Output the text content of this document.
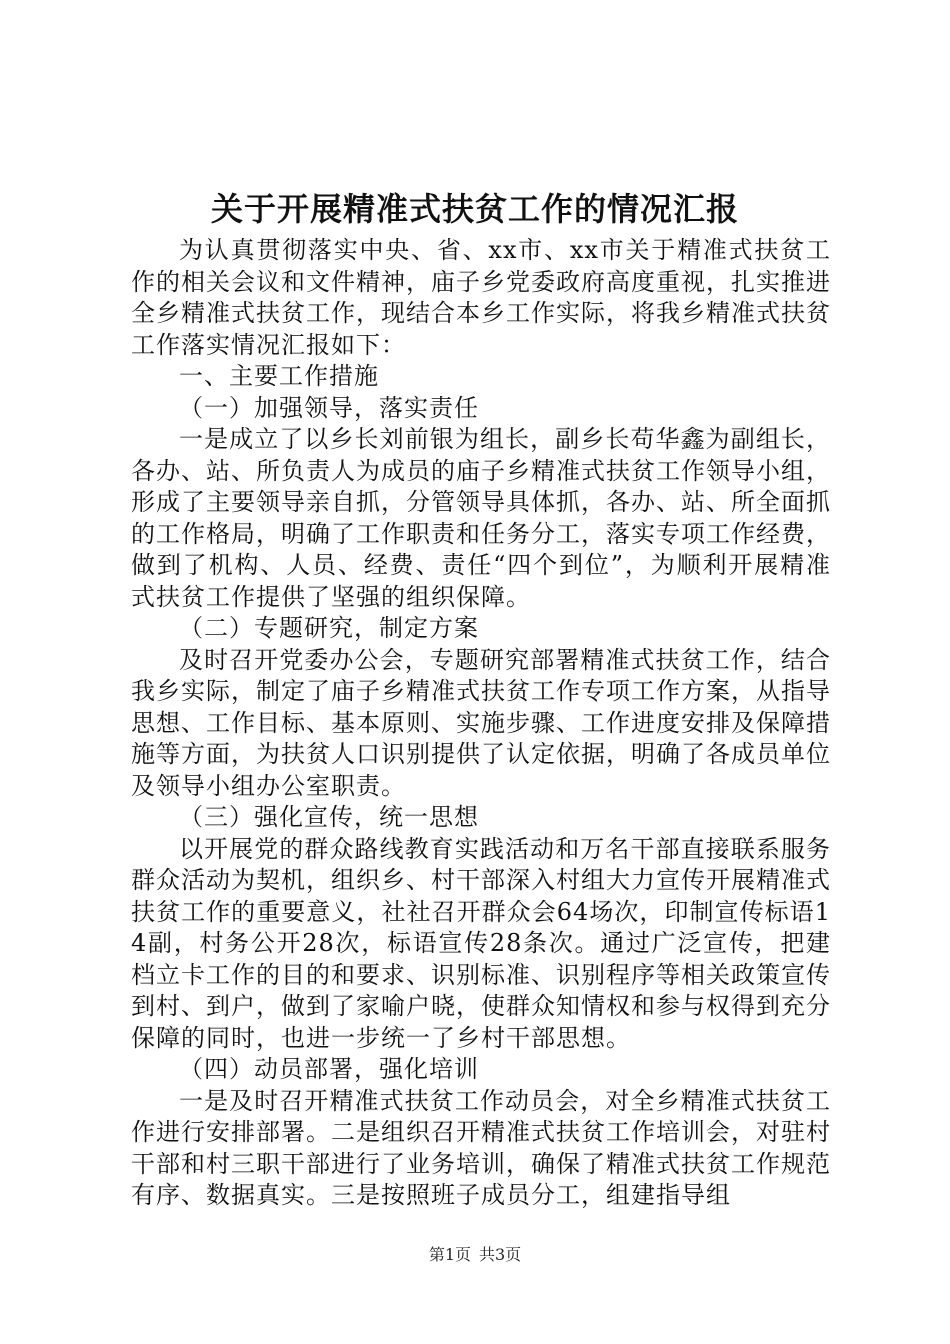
关于开展精准式扶贫工作的情况汇报

为认真贯彻落实中央、省、xx市、xx市关于精准式扶贫工作的相关会议和文件精神，庙子乡党委政府高度重视，扎实推进全乡精准式扶贫工作，现结合本乡工作实际，将我乡精准式扶贫工作落实情况汇报如下：

一、主要工作措施

（一）加强领导，落实责任

一是成立了以乡长刘前银为组长，副乡长苟华鑫为副组长，各办、站、所负责人为成员的庙子乡精准式扶贫工作领导小组，形成了主要领导亲自抓，分管领导具体抓，各办、站、所全面抓的工作格局，明确了工作职责和任务分工，落实专项工作经费，做到了机构、人员、经费、责任“四个到位”，为顺利开展精准式扶贫工作提供了坚强的组织保障。

（二）专题研究，制定方案

及时召开党委办公会，专题研究部署精准式扶贫工作，结合我乡实际，制定了庙子乡精准式扶贫工作专项工作方案，从指导思想、工作目标、基本原则、实施步骤、工作进度安排及保障措施等方面，为扶贫人口识别提供了认定依据，明确了各成员单位及领导小组办公室职责。

（三）强化宣传，统一思想

以开展党的群众路线教育实践活动和万名干部直接联系服务群众活动为契机，组织乡、村干部深入村组大力宣传开展精准式扶贫工作的重要意义，社社召开群众会64场次，印制宣传标语14副，村务公开28次，标语宣传28条次。通过广泛宣传，把建档立卡工作的目的和要求、识别标准、识别程序等相关政策宣传到村、到户，做到了家喻户晓，使群众知情权和参与权得到充分保障的同时，也进一步统一了乡村干部思想。

（四）动员部署，强化培训

一是及时召开精准式扶贫工作动员会，对全乡精准式扶贫工作进行安排部署。二是组织召开精准式扶贫工作培训会，对驻村干部和村三职干部进行了业务培训，确保了精准式扶贫工作规范有序、数据真实。三是按照班子成员分工，组建指导组

第1页 共3页
